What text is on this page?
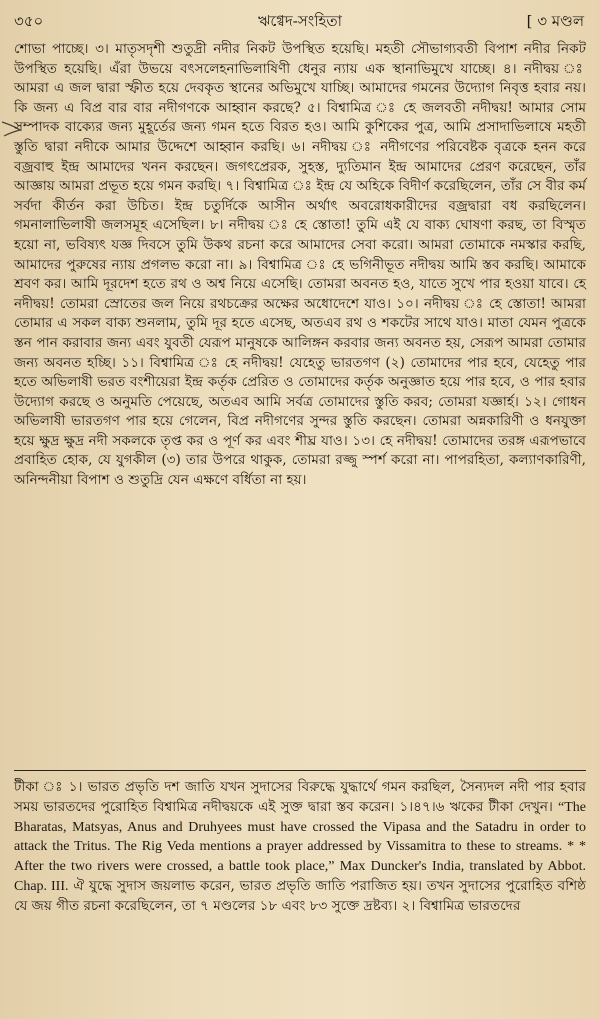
৩৫০	ঋগ্বেদ-সংহিতা	[ ৩ মণ্ডল

শোভা পাচ্ছে। ৩। মাতৃসদৃশী শুতুদ্রী নদীর নিকট উপস্থিত হয়েছি। মহতী সৌভাগ্যবতী বিপাশ নদীর নিকট উপস্থিত হয়েছি। এঁরা উভয়ে বৎসলেহনাভিলাষিণী ধেনুর ন্যায় এক স্থানাভিমুখে যাচ্ছে। ৪। নদীদ্বয় ঃ আমরা এ জল দ্বারা স্ফীত হয়ে দেবকৃত স্থানের অভিমুখে যাচ্ছি। আমাদের গমনের উদ্যোগ নিবৃত্ত হবার নয়। কি জন্য এ বিপ্র বার বার নদীগণকে আহ্বান করছে? ৫। বিশ্বামিত্র ঃ হে জলবতী নদীদ্বয়! আমার সোম সম্পাদক বাক্যের জন্য মুহূর্তের জন্য গমন হতে বিরত হও। আমি কুশিকের পুত্র, আমি প্রসাদাভিলাষে মহতী স্তুতি দ্বারা নদীকে আমার উদ্দেশে আহ্বান করছি। ৬। নদীদ্বয় ঃ নদীগণের পরিবেষ্টক বৃত্রকে হনন করে বজ্রবাহু ইন্দ্র আমাদের খনন করছেন। জগৎপ্রেরক, সুহস্ত, দ্যুতিমান ইন্দ্র আমাদের প্রেরণ করেছেন, তাঁর আজ্ঞায় আমরা প্রভূত হয়ে গমন করছি। ৭। বিশ্বামিত্র ঃ ইন্দ্র যে অহিকে বিদীর্ণ করেছিলেন, তাঁর সে বীর কর্ম সর্বদা কীর্তন করা উচিত। ইন্দ্র চতুর্দিকে আসীন অর্থাৎ অবরোধকারীদের বজ্রদ্বারা বধ করছিলেন। গমনালাভিলাষী জলসমূহ এসেছিল। ৮। নদীদ্বয় ঃ হে স্তোতা! তুমি এই যে বাক্য ঘোষণা করছ, তা বিস্মৃত হয়ো না, ভবিষ্যৎ যজ্ঞ দিবসে তুমি উকথ রচনা করে আমাদের সেবা করো। আমরা তোমাকে নমস্কার করছি, আমাদের পুরুষের ন্যায় প্রগলভ করো না। ৯। বিশ্বামিত্র ঃ হে ভগিনীভূত নদীদ্বয় আমি স্তব করছি। আমাকে শ্রবণ কর। আমি দূরদেশ হতে রথ ও অশ্ব নিয়ে এসেছি। তোমরা অবনত হও, যাতে সুখে পার হওয়া যাবে। হে নদীদ্বয়! তোমরা স্রোতের জল নিয়ে রথচক্রের অক্ষের অধোদেশে যাও। ১০। নদীদ্বয় ঃ হে স্তোতা! আমরা তোমার এ সকল বাক্য শুনলাম, তুমি দূর হতে এসেছ, অতএব রথ ও শকটের সাথে যাও। মাতা যেমন পুত্রকে স্তন পান করাবার জন্য এবং যুবতী যেরূপ মানুষকে আলিঙ্গন করবার জন্য অবনত হয়, সেরূপ আমরা তোমার জন্য অবনত হচ্ছি। ১১। বিশ্বামিত্র ঃ হে নদীদ্বয়! যেহেতু ভারতগণ (২) তোমাদের পার হবে, যেহেতু পার হতে অভিলাষী ভরত বংশীয়েরা ইন্দ্র কর্তৃক প্রেরিত ও তোমাদের কর্তৃক অনুজ্ঞাত হয়ে পার হবে, ও পার হবার উদ্যোগ করছে ও অনুমতি পেয়েছে, অতএব আমি সর্বত্র তোমাদের স্তুতি করব; তোমরা যজ্ঞার্হ। ১২। গোধন অভিলাষী ভারতগণ পার হয়ে গেলেন, বিপ্র নদীগণের সুন্দর স্তুতি করছেন। তোমরা অন্নকারিণী ও ধনযুক্তা হয়ে ক্ষুদ্র ক্ষুদ্র নদী সকলকে তৃপ্ত কর ও পূর্ণ কর এবং শীঘ্র যাও। ১৩। হে নদীদ্বয়! তোমাদের তরঙ্গ এরূপভাবে প্রবাহিত হোক, যে যুগকীল (৩) তার উপরে থাকুক, তোমরা রজ্জু স্পর্শ করো না। পাপরহিতা, কল্যাণকারিণী, অনিন্দনীয়া বিপাশ ও শুতুদ্রি যেন এক্ষণে বর্ধিতা না হয়।

টীকা ঃ ১। ভারত প্রভৃতি দশ জাতি যখন সুদাসের বিরুদ্ধে যুদ্ধার্থে গমন করছিল, সৈন্যদল নদী পার হবার সময় ভারতদের পুরোহিত বিশ্বামিত্র নদীদ্বয়কে এই সুক্ত দ্বারা স্তব করেন। ১।৪৭।৬ ঋকের টীকা দেখুন। “The Bharatas, Matsyas, Anus and Druhyees must have crossed the Vipasa and the Satadru in order to attack the Tritus. The Rig Veda mentions a prayer addressed by Vissamitra to these to streams. * * After the two rivers were crossed, a battle took place,” Max Duncker's India, translated by Abbot. Chap. III. ঐ যুদ্ধে সুদাস জয়লাভ করেন, ভারত প্রভৃতি জাতি পরাজিত হয়। তখন সুদাসের পুরোহিত বশিষ্ঠ যে জয় গীত রচনা করেছিলেন, তা ৭ মণ্ডলের ১৮ এবং ৮৩ সুক্তে দ্রষ্টব্য। ২। বিশ্বামিত্র ভারতদের
